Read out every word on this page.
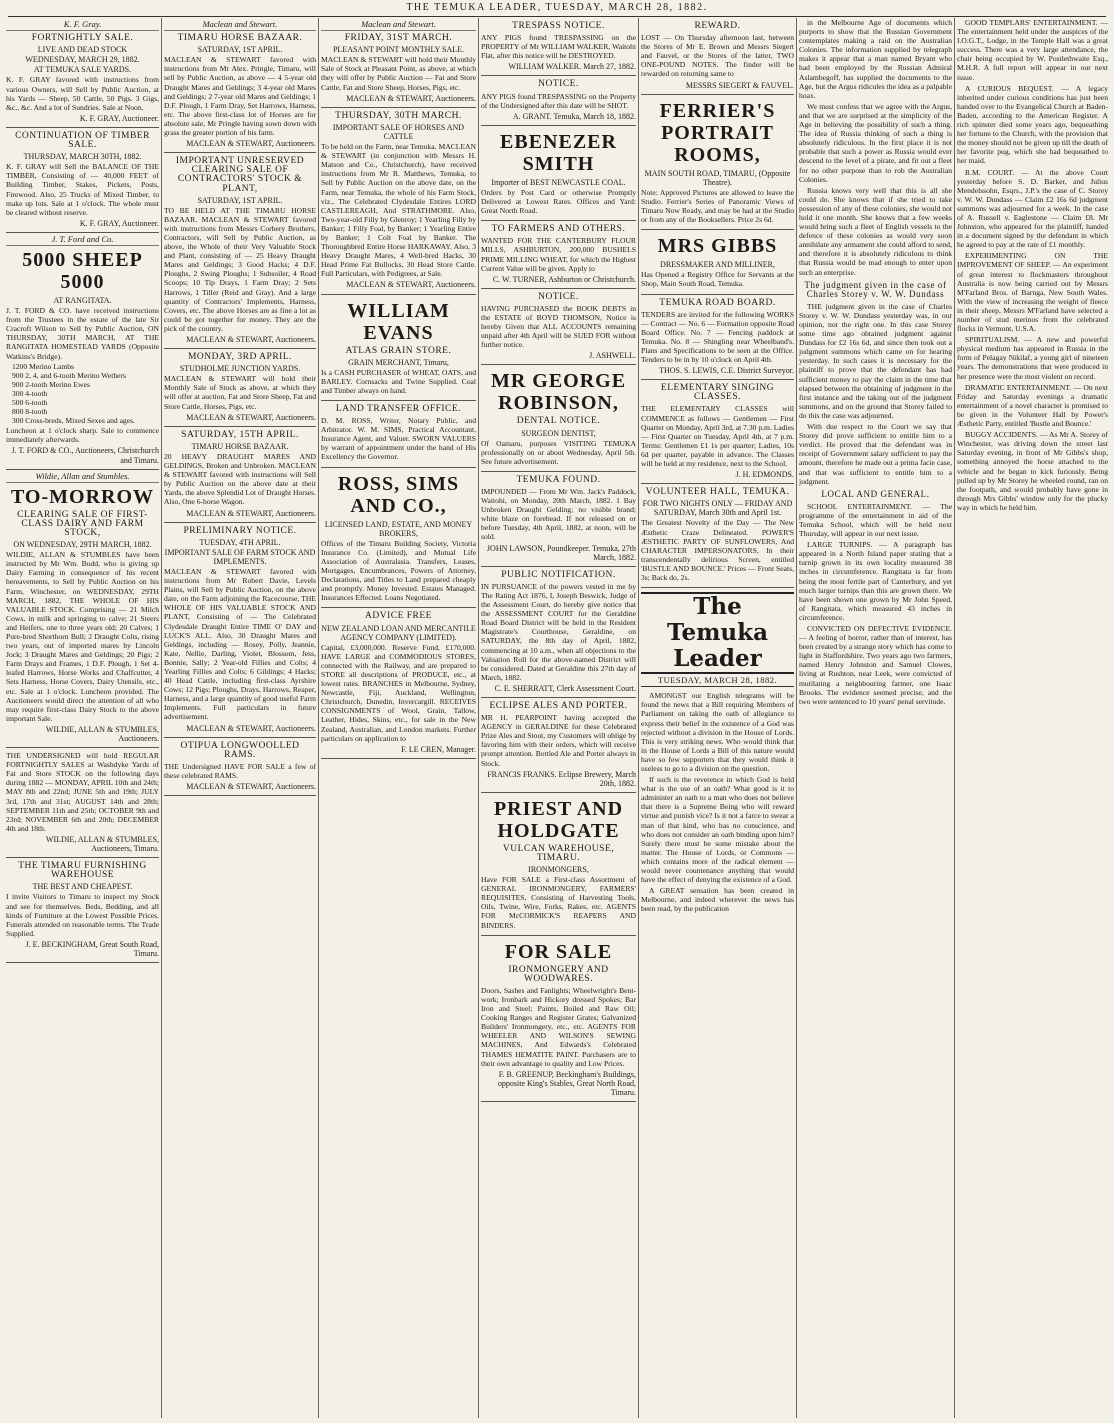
THE TEMUKA LEADER, TUESDAY, MARCH 28, 1882.
K. F. Gray.
FORTNIGHTLY SALE.
LIVE AND DEAD STOCK
WEDNESDAY, MARCH 29, 1882.
AT TEMUKA SALE YARDS.

K. F. GRAY favored with instructions from various Owners, will Sell by Public Auction, at his Yards — Sheep, 50 Cattle, 50 Pigs. 3 Gigs, &c., &c. And a lot of Sundries. Sale at Noon.

K. F. GRAY, Auctioneer.
CONTINUATION OF TIMBER SALE.
THURSDAY, MARCH 30TH, 1882.

K. F. GRAY will Sell the BALANCE OF THE TIMBER, Consisting of — 40,000 FEET of Building Timber, Stakes, Pickets, Posts, Firewood. Also, 25 Trucks of Mixed Timber, to make up lots. Sale at 1 o'clock. The whole must be cleared without reserve.

K. F. GRAY, Auctioneer.
J. T. Ford and Co.
5000 SHEEP 5000
AT RANGITATA.

J. T. FORD & CO. have received instructions from the Trustees in the estate of the late Sir Cracroft Wilson to Sell by Public Auction, ON THURSDAY, 30TH MARCH, AT THE RANGITATA HOMESTEAD YARDS (Opposite Watkins's Bridge).

1200 Merino Lambs
900 2, 4, and 6-tooth Merino Wethers
900 2-tooth Merino Ewes
300 4-tooth
500 6-tooth
800 8-tooth
300 Cross-breds, Mixed Sexes and ages.

Luncheon at 1 o'clock sharp. Sale to commence immediately afterwards.

J. T. FORD & CO., Auctioneers, Christchurch and Timaru.
Wildie, Allan and Stumbles.
TO-MORROW
CLEARING SALE OF FIRST-CLASS DAIRY AND FARM STOCK,
ON WEDNESDAY, 29TH MARCH, 1882.

WILDIE, ALLAN & STUMBLES have been instructed by Mr Wm. Budd, who is giving up Dairy Farming in consequence of his recent bereavements, to Sell by Public Auction on his Farm, Winchester, on WEDNESDAY, 29TH MARCH, 1882, THE WHOLE OF HIS VALUABLE STOCK. Comprising — 21 Milch Cows, in milk and springing to calve; 21 Steers and Heifers, one to three years old; 20 Calves; 1 Pure-bred Shorthorn Bull; 2 Draught Colts, rising two years, out of imported mares by Lincoln Jock; 3 Draught Mares and Geldings; 20 Pigs; 2 Farm Drays and Frames, 1 D.F. Plough, 1 Set 4-leafed Harrows, Horse Works and Chaffcutter, 4 Sets Harness, Horse Covers, Dairy Utensils, etc., etc. Sale at 1 o'clock. Luncheon provided. The Auctioneers would direct the attention of all who may require first-class Dairy Stock to the above important Sale.

WILDIE, ALLAN & STUMBLES, Auctioneers.

THE UNDERSIGNED will hold REGULAR FORTNIGHTLY SALES at Washdyke Yards of Fat and Store STOCK on the following days during 1882 — MONDAY, APRIL 10th and 24th; MAY 8th and 22nd; JUNE 5th and 19th; JULY 3rd, 17th and 31st; AUGUST 14th and 28th; SEPTEMBER 11th and 25th; OCTOBER 9th and 23rd; NOVEMBER 6th and 20th; DECEMBER 4th and 18th.

WILDIE, ALLAN & STUMBLES, Auctioneers, Timaru.
THE TIMARU FURNISHING WAREHOUSE
THE BEST AND CHEAPEST.

I invite Visitors to Timaru to inspect my Stock and see for themselves. Beds, Bedding, and all kinds of Furniture at the Lowest Possible Prices. Funerals attended on reasonable terms. The Trade Supplied.

J. E. BECKINGHAM, Great South Road, Timaru.
Maclean and Stewart.
TIMARU HORSE BAZAAR.
SATURDAY, 1ST APRIL.

MACLEAN & STEWART favored with instructions from Mr Alex. Pringle, Timaru, will sell by Public Auction, as above — 4 5-year old Draught Mares and Geldings; 3 4-year old Mares and Geldings; 2 7-year old Mares and Geldings; 1 D.F. Plough, 1 Farm Dray, Set Harrows, Harness, etc. The above first-class lot of Horses are for absolute sale, Mr Pringle having sown down with grass the greater portion of his farm.

MACLEAN & STEWART, Auctioneers.
IMPORTANT UNRESERVED CLEARING SALE OF CONTRACTORS' STOCK & PLANT,
SATURDAY, 1ST APRIL.

TO BE HELD AT THE TIMARU HORSE BAZAAR. MACLEAN & STEWART favored with instructions from Messrs Corbery Brothers, Contractors, will Sell by Public Auction, as above, the Whole of their Very Valuable Stock and Plant, consisting of — 25 Heavy Draught Mares and Geldings; 3 Good Hacks; 4 D.F. Ploughs, 2 Swing Ploughs; 1 Subsoiler, 4 Road Scoops; 10 Tip Drays, 1 Farm Dray; 2 Sets Harrows, 1 Tiller (Reid and Gray). And a large quantity of Contractors' Implements, Harness, Covers, etc. The above Horses are as fine a lot as could be got together for money. They are the pick of the country.

MACLEAN & STEWART, Auctioneers.
MONDAY, 3RD APRIL.
STUDHOLME JUNCTION YARDS.

MACLEAN & STEWART will hold their Monthly Sale of Stock as above, at which they will offer at auction, Fat and Store Sheep, Fat and Store Cattle, Horses, Pigs, etc.

MACLEAN & STEWART, Auctioneers.
SATURDAY, 15TH APRIL.
TIMARU HORSE BAZAAR.

20 HEAVY DRAUGHT MARES AND GELDINGS, Broken and Unbroken. MACLEAN & STEWART favored with instructions will Sell by Public Auction on the above date at their Yards, the above Splendid Lot of Draught Horses. Also, One 6-horse Wagon.

MACLEAN & STEWART, Auctioneers.
PRELIMINARY NOTICE.
TUESDAY, 4TH APRIL.
IMPORTANT SALE OF FARM STOCK AND IMPLEMENTS.

MACLEAN & STEWART favored with instructions from Mr Robert Davie, Levels Plains, will Sell by Public Auction, on the above date, on the Farm adjoining the Racecourse, THE WHOLE OF HIS VALUABLE STOCK AND PLANT, Consisting of — The Celebrated Clydesdale Draught Entire TIME O' DAY and LUCK'S ALL. Also, 30 Draught Mares and Geldings, including — Rosey, Polly, Jeannie, Kate, Nellie, Darling, Violet, Blossom, Jess, Bonnie, Sally; 2 Year-old Fillies and Colts; 4 Yearling Fillies and Colts; 6 Gildings; 4 Hacks; 40 Head Cattle, including first-class Ayrshire Cows; 12 Pigs; Ploughs, Drays, Harrows, Reaper, Harness, and a large quantity of good useful Farm Implements. Full particulars in future advertisement.

MACLEAN & STEWART, Auctioneers.
OTIPUA LONGWOOLLED RAMS.

THE Undersigned HAVE FOR SALE a few of these celebrated RAMS.

MACLEAN & STEWART, Auctioneers.
Maclean and Stewart.
FRIDAY, 31ST MARCH.
PLEASANT POINT MONTHLY SALE.

MACLEAN & STEWART will hold their Monthly Sale of Stock at Pleasant Point, as above, at which they will offer by Public Auction — Fat and Store Cattle, Fat and Store Sheep, Horses, Pigs, etc.

MACLEAN & STEWART, Auctioneers.
THURSDAY, 30TH MARCH.
IMPORTANT SALE OF HORSES AND CATTLE

To be held on the Farm, near Temuka. MACLEAN & STEWART (in conjunction with Messrs H. Matson and Co., Christchurch), have received instructions from Mr R. Matthews, Temuka, to Sell by Public Auction on the above date, on the Farm, near Temuka, the whole of his Farm Stock, viz., The Celebrated Clydesdale Entires LORD CASTLEREAGH, And STRATHMORE. Also, Two-year-old Filly by Glenroy; 1 Yearling Filly by Banker; 1 Filly Foal, by Banker; 1 Yearling Entire by Banker; 1 Colt Foal by Banker. The Thoroughbred Entire Horse HARKAWAY. Also, 3 Heavy Draught Mares, 4 Well-bred Hacks, 30 Head Prime Fat Bullocks, 30 Head Store Cattle. Full Particulars, with Pedigrees, at Sale.

MACLEAN & STEWART, Auctioneers.
WILLIAM EVANS
ATLAS GRAIN STORE.
GRAIN MERCHANT, Timaru,

Is a CASH PURCHASER of WHEAT, OATS, and BARLEY. Cornsacks and Twine Supplied. Coal and Timber always on hand.

LAND TRANSFER OFFICE.

D. M. ROSS, Writer, Notary Public, and Arbitrator. W. M. SIMS, Practical Accountant, Insurance Agent, and Valuer. SWORN VALUERS by warrant of appointment under the hand of His Excellency the Governor.

ROSS, SIMS AND CO.,
LICENSED LAND, ESTATE, AND MONEY BROKERS,

Offices of the Timaru Building Society, Victoria Insurance Co. (Limited), and Mutual Life Association of Australasia. Transfers, Leases, Mortgages, Encumbrances, Powers of Attorney, Declarations, and Titles to Land prepared cheaply and promptly. Money Invested. Estates Managed. Insurances Effected. Loans Negotiated.

ADVICE FREE
NEW ZEALAND LOAN AND MERCANTILE AGENCY COMPANY (LIMITED).

Capital, £3,000,000. Reserve Fund, £170,000. HAVE LARGE and COMMODIOUS STORES, connected with the Railway, and are prepared to STORE all descriptions of PRODUCE, etc., at lowest rates. BRANCHES in Melbourne, Sydney, Newcastle, Fiji, Auckland, Wellington, Christchurch, Dunedin, Invercargill. RECEIVES CONSIGNMENTS of Wool, Grain, Tallow, Leather, Hides, Skins, etc., for sale in the New Zealand, Australian, and London markets. Further particulars on application to

F. LE CREN, Manager.
TRESPASS NOTICE.

ANY PIGS found TRESPASSING on the PROPERTY of Mr WILLIAM WALKER, Waitohi Flat, after this notice will be DESTROYED.

WILLIAM WALKER. March 27, 1882.
NOTICE.

ANY PIGS found TRESPASSING on the Property of the Undersigned after this date will be SHOT.

A. GRANT. Temuka, March 18, 1882.
EBENEZER SMITH
Importer of BEST NEWCASTLE COAL.

Orders by Post Card or otherwise Promptly Delivered at Lowest Rates. Offices and Yard: Great North Road.

TO FARMERS AND OTHERS.

WANTED FOR THE CANTERBURY FLOUR MILLS, ASHBURTON, 200,000 BUSHELS PRIME MILLING WHEAT, for which the Highest Current Value will be given. Apply to

C. W. TURNER, Ashburton or Christchurch.
NOTICE.

HAVING PURCHASED the BOOK DEBTS in the ESTATE of BOYD THOMSON, Notice is hereby Given that ALL ACCOUNTS remaining unpaid after 4th April will be SUED FOR without further notice.

J. ASHWELL.
MR GEORGE ROBINSON,
DENTAL NOTICE.
SURGEON DENTIST,

Of Oamaru, purposes VISITING TEMUKA professionally on or about Wednesday, April 5th. See future advertisement.

TEMUKA FOUND.

IMPOUNDED — From Mr Wm. Jack's Paddock, Waitohi, on Monday, 20th March, 1882. 1 Bay Unbroken Draught Gelding; no visible brand; white blaze on forehead. If not released on or before Tuesday, 4th April, 1882, at noon, will be sold.

JOHN LAWSON, Poundkeeper. Temuka, 27th March, 1882.
PUBLIC NOTIFICATION.

IN PURSUANCE of the powers vested in me by The Rating Act 1876, I, Joseph Beswick, Judge of the Assessment Court, do hereby give notice that the ASSESSMENT COURT for the Geraldine Road Board District will be held in the Resident Magistrate's Courthouse, Geraldine, on SATURDAY, the 8th day of April, 1882, commencing at 10 a.m., when all objections to the Valuation Roll for the above-named District will be considered. Dated at Geraldine this 27th day of March, 1882.

C. E. SHERRATT, Clerk Assessment Court.
ECLIPSE ALES AND PORTER.

MR H. PEARPOINT having accepted the AGENCY in GERALDINE for these Celebrated Prize Ales and Stout, my Customers will oblige by favoring him with their orders, which will receive prompt attention. Bottled Ale and Porter always in Stock.

FRANCIS FRANKS. Eclipse Brewery, March 20th, 1882.
PRIEST AND HOLDGATE
VULCAN WAREHOUSE, TIMARU.
IRONMONGERS,

Have FOR SALE a First-class Assortment of GENERAL IRONMONGERY, FARMERS' REQUISITES, Consisting of Harvesting Tools, Oils, Twine, Wire, Forks, Rakes, etc. AGENTS FOR McCORMICK'S REAPERS AND BINDERS.

FOR SALE
IRONMONGERY AND WOODWARES.

Doors, Sashes and Fanlights; Wheelwright's Bent-work; Ironbark and Hickory dressed Spokes; Bar Iron and Steel; Paints, Boiled and Raw Oil; Cooking Ranges and Register Grates; Galvanized Builders' Ironmongery, etc., etc. AGENTS FOR WHEELER AND WILSON'S SEWING MACHINES, And Edwards's Celebrated THAMES HEMATITE PAINT. Purchasers are to their own advantage to quality and Low Prices.

F. B. GREENUP, Beckingham's Buildings, opposite King's Stables, Great North Road, Timaru.
REWARD.

LOST — On Thursday afternoon last, between the Stores of Mr E. Brown and Messrs Siegert and Fauvel, or the Stores of the latter, TWO ONE-POUND NOTES. The finder will be rewarded on returning same to

MESSRS SIEGERT & FAUVEL.
FERRIER'S PORTRAIT ROOMS,
MAIN SOUTH ROAD, TIMARU, (Opposite Theatre).

Note: Approved Pictures are allowed to leave the Studio. Ferrier's Series of Panoramic Views of Timaru Now Ready, and may be had at the Studio or from any of the Booksellers. Price 2s 6d.

MRS GIBBS
DRESSMAKER AND MILLINER,

Has Opened a Registry Office for Servants at the Shop, Main South Road, Temuka.

TEMUKA ROAD BOARD.

TENDERS are invited for the following WORKS — Contract — No. 6 — Formation opposite Road Board Office. No. 7 — Fencing paddock at Temuka. No. 8 — Shingling near Wheelband's. Plans and Specifications to be seen at the Office. Tenders to be in by 10 o'clock on April 4th.

THOS. S. LEWIS, C.E. District Surveyor.
ELEMENTARY SINGING CLASSES.

THE ELEMENTARY CLASSES will COMMENCE as follows — Gentlemen — First Quarter on Monday, April 3rd, at 7.30 p.m. Ladies — First Quarter on Tuesday, April 4th, at 7 p.m. Terms: Gentlemen £1 1s per quarter; Ladies, 10s 6d per quarter, payable in advance. The Classes will be held at my residence, next to the School.

J. H. EDMONDS.
VOLUNTEER HALL, TEMUKA.
FOR TWO NIGHTS ONLY — FRIDAY AND SATURDAY, March 30th and April 1st.

The Greatest Novelty of the Day — The New Æsthetic Craze Delineated. POWER'S ÆSTHETIC PARTY OF SUNFLOWERS, And CHARACTER IMPERSONATORS, In their transcendentally delirious Screen, entitled 'BUSTLE AND BOUNCE.' Prices — Front Seats, 3s; Back do, 2s.

The Temuka Leader
TUESDAY, MARCH 28, 1882.

AMONGST our English telegrams will be found the news that a Bill requiring Members of Parliament on taking the oath of allegiance to express their belief in the existence of a God was rejected without a division in the House of Lords. This is very striking news. Who would think that in the House of Lords a Bill of this nature would have so few supporters that they would think it useless to go to a division on the question.

If such is the reverence in which God is held what is the use of an oath? What good is it to administer an oath to a man who does not believe that there is a Supreme Being who will reward virtue and punish vice? Is it not a farce to swear a man of that kind, who has no conscience, and who does not consider an oath binding upon him? Surely there must be some mistake about the matter. The House of Lords, or Commons — which contains more of the radical element — would never countenance anything that would have the effect of denying the existence of a God.

A GREAT sensation has been created in Melbourne, and indeed wherever the news has been read, by the publication

in the Melbourne Age of documents which purports to show that the Russian Government contemplates making a raid on the Australian Colonies. The information supplied by telegraph makes it appear that a man named Bryant who had been employed by the Russian Admiral Aslambegoff, has supplied the documents to the Age, but the Argus ridicules the idea as a palpable hoax.

We must confess that we agree with the Argus, and that we are surprised at the simplicity of the Age in believing the possibility of such a thing. The idea of Russia thinking of such a thing is absolutely ridiculous. In the first place it is not probable that such a power as Russia would ever descend to the level of a pirate, and fit out a fleet for no other purpose than to rob the Australian Colonies.

Russia knows very well that this is all she could do. She knows that if she tried to take possession of any of these colonies, she would not hold it one month. She knows that a few weeks would bring such a fleet of English vessels to the defence of these colonies as would very soon annihilate any armament she could afford to send, and therefore it is absolutely ridiculous to think that Russia would be mad enough to enter upon such an enterprise.

The judgment given in the case of Charles Storey v. W. W. Dundass

THE judgment given in the case of Charles Storey v. W. W. Dundass yesterday was, in our opinion, not the right one. In this case Storey some time ago obtained judgment against Dundass for £2 16s 6d, and since then took out a judgment summons which came on for hearing yesterday. In such cases it is necessary for the plaintiff to prove that the defendant has had sufficient money to pay the claim in the time that elapsed between the obtaining of judgment in the first instance and the taking out of the judgment summons, and on the ground that Storey failed to do this the case was adjourned.

With due respect to the Court we say that Storey did prove sufficient to entitle him to a verdict. He proved that the defendant was in receipt of Government salary sufficient to pay the amount, therefore he made out a prima facie case, and that was sufficient to entitle him to a judgment.

LOCAL AND GENERAL.

SCHOOL ENTERTAINMENT. — The programme of the entertainment in aid of the Temuka School, which will be held next Thursday, will appear in our next issue.

LARGE TURNIPS. — A paragraph has appeared in a North Island paper stating that a turnip grown in its own locality measured 38 inches in circumference. Rangitata is far from being the most fertile part of Canterbury, and yet much larger turnips than this are grown there. We have been shown one grown by Mr John Speed, of Rangitata, which measured 43 inches in circumference.

CONVICTED ON DEFECTIVE EVIDENCE. — A feeling of horror, rather than of interest, has been created by a strange story which has come to light in Staffordshire. Two years ago two farmers, named Henry Johnston and Samuel Clowes, living at Rushton, near Leek, were convicted of mutilating a neighbouring farmer, one Isaac Brooks. The evidence seemed precise, and the two were sentenced to 10 years' penal servitude.

GOOD TEMPLARS' ENTERTAINMENT. — The entertainment held under the auspices of the I.O.G.T., Lodge, in the Temple Hall was a great success. There was a very large attendance, the chair being occupied by W. Postlethwaite Esq., M.H.R. A full report will appear in our next issue.

A CURIOUS BEQUEST. — A legacy inherited under curious conditions has just been handed over to the Evangelical Church at Baden-Baden, according to the American Register. A rich spinster died some years ago, bequeathing her fortune to the Church, with the provision that the money should not be given up till the death of her favorite pug, which she had bequeathed to her maid.

R.M. COURT. — At the above Court yesterday before S. D. Barker, and Julius Mendelssohn, Esqrs., J.P.'s the case of C. Storey v. W. W. Dundass — Claim £2 16s 6d judgment summons was adjourned for a week. In the case of A. Russell v. Eaglestone — Claim £8. Mr Johnston, who appeared for the plaintiff, handed in a document signed by the defendant in which he agreed to pay at the rate of £1 monthly.

EXPERIMENTING ON THE IMPROVEMENT OF SHEEP. — An experiment of great interest to flockmasters throughout Australia is now being carried out by Messrs M'Farland Bros. of Barnga, New South Wales. With the view of increasing the weight of fleece in their sheep, Messrs M'Farland have selected a number of stud merinos from the celebrated flocks in Vermont, U.S.A.

SPIRITUALISM. — A new and powerful physical medium has appeared in Russia in the form of Pelagay Nikilaf, a young girl of nineteen years. The demonstrations that were produced in her presence were the most violent on record.

DRAMATIC ENTERTAINMENT. — On next Friday and Saturday evenings a dramatic entertainment of a novel character is promised to be given in the Volunteer Hall by Power's Æsthetic Party, entitled 'Bustle and Bounce.'

BUGGY ACCIDENTS. — As Mr A. Storey of Winchester, was driving down the street last Saturday evening, in front of Mr Gibbs's shop, something annoyed the horse attached to the vehicle and he began to kick furiously. Being pulled up by Mr Storey he wheeled round, ran on the footpath, and would probably have gone in through Mrs Gibbs' window only for the plucky way in which he held him.
